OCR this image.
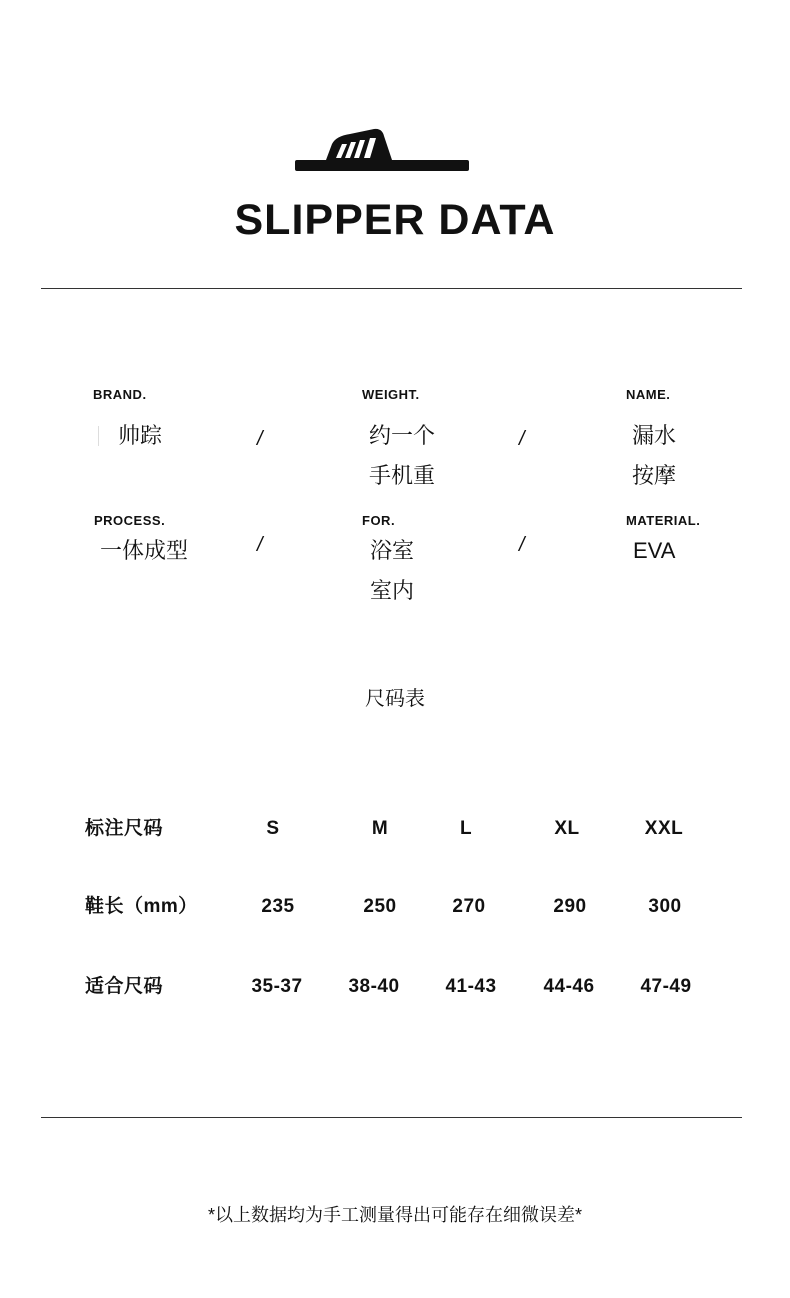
SLIPPER DATA
BRAND.
帅踪	/
WEIGHT.
约一个
手机重
/
NAME.
漏水
按摩
PROCESS.
一体成型	/
FOR.
浴室
室内
/
MATERIAL.
EVA
尺码表
标注尺码	S	M	L	XL	XXL
鞋长（mm）	235	250	270	290	300
适合尺码	35-37	38-40	41-43	44-46	47-49
*以上数据均为手工测量得出可能存在细微误差*
